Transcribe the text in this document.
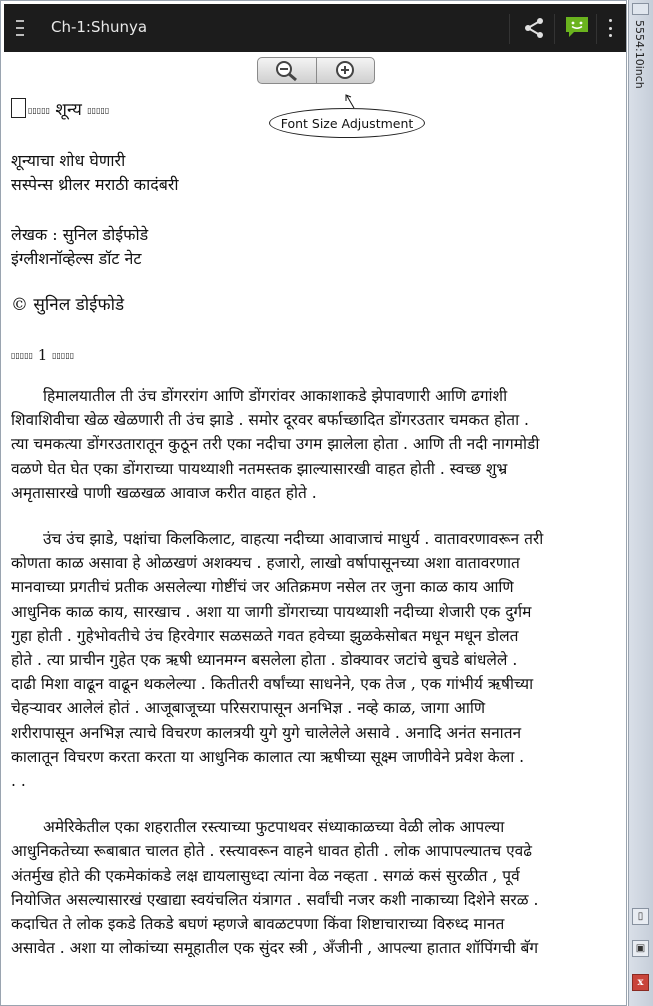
Ch-1:Shunya
Font Size Adjustment
▯▯▯▯▯ शून्य ▯▯▯▯▯
शून्याचा शोध घेणारी
सस्पेन्स थ्रीलर मराठी कादंबरी
लेखक : सुनिल डोईफोडे
इंग्लीशनॉव्हेल्स डॉट नेट
© सुनिल डोईफोडे
▯▯▯▯▯ 1 ▯▯▯▯▯
हिमालयातील ती उंच डोंगररांग आणि डोंगरांवर आकाशाकडे झेपावणारी आणि ढगांशी
शिवाशिवीचा खेळ खेळणारी ती उंच झाडे . समोर दूरवर बर्फाच्छादित डोंगरउतार चमकत होता .
त्या चमकत्या डोंगरउतारातून कुठून तरी एका नदीचा उगम झालेला होता . आणि ती नदी नागमोडी
वळणे घेत घेत एका डोंगराच्या पायथ्याशी नतमस्तक झाल्यासारखी वाहत होती . स्वच्छ शुभ्र
अमृतासारखे पाणी खळखळ आवाज करीत वाहत होते .
उंच उंच झाडे, पक्षांचा किलकिलाट, वाहत्या नदीच्या आवाजाचं माधुर्य . वातावरणावरून तरी
कोणता काळ असावा हे ओळखणं अशक्यच . हजारो, लाखो वर्षापासूनच्या अशा वातावरणात
मानवाच्या प्रगतीचं प्रतीक असलेल्या गोष्टींचं जर अतिक्रमण नसेल तर जुना काळ काय आणि
आधुनिक काळ काय, सारखाच . अशा या जागी डोंगराच्या पायथ्याशी नदीच्या शेजारी एक दुर्गम
गुहा होती . गुहेभोवतीचे उंच हिरवेगार सळसळते गवत हवेच्या झुळकेसोबत मधून मधून डोलत
होते . त्या प्राचीन गुहेत एक ऋषी ध्यानमग्न बसलेला होता . डोक्यावर जटांचे बुचडे बांधलेले .
दाढी मिशा वाढून वाढून थकलेल्या . कितीतरी वर्षांच्या साधनेने, एक तेज , एक गांभीर्य ऋषीच्या
चेहऱ्यावर आलेलं होतं . आजूबाजूच्या परिसरापासून अनभिज्ञ . नव्हे काळ, जागा आणि
शरीरापासून अनभिज्ञ त्याचे विचरण कालत्रयी युगे युगे चालेलेले असावे . अनादि अनंत सनातन
कालातून विचरण करता करता या आधुनिक कालात त्या ऋषीच्या सूक्ष्म जाणीवेने प्रवेश केला .
. .
अमेरिकेतील एका शहरातील रस्त्याच्या फुटपाथवर संध्याकाळच्या वेळी लोक आपल्या
आधुनिकतेच्या रूबाबात चालत होते . रस्त्यावरून वाहने धावत होती . लोक आपापल्यातच एवढे
अंतर्मुख होते की एकमेकांकडे लक्ष द्यायलासुध्दा त्यांना वेळ नव्हता . सगळं कसं सुरळीत , पूर्व
नियोजित असल्यासारखं एखाद्या स्वयंचलित यंत्रागत . सर्वांची नजर कशी नाकाच्या दिशेने सरळ .
कदाचित ते लोक इकडे तिकडे बघणं म्हणजे बावळटपणा किंवा शिष्टाचाराच्या विरुध्द मानत
असावेत . अशा या लोकांच्या समूहातील एक सुंदर स्त्री , अँजीनी , आपल्या हातात शॉपिंगची बॅग
5554:10inch
▯
▣
x
